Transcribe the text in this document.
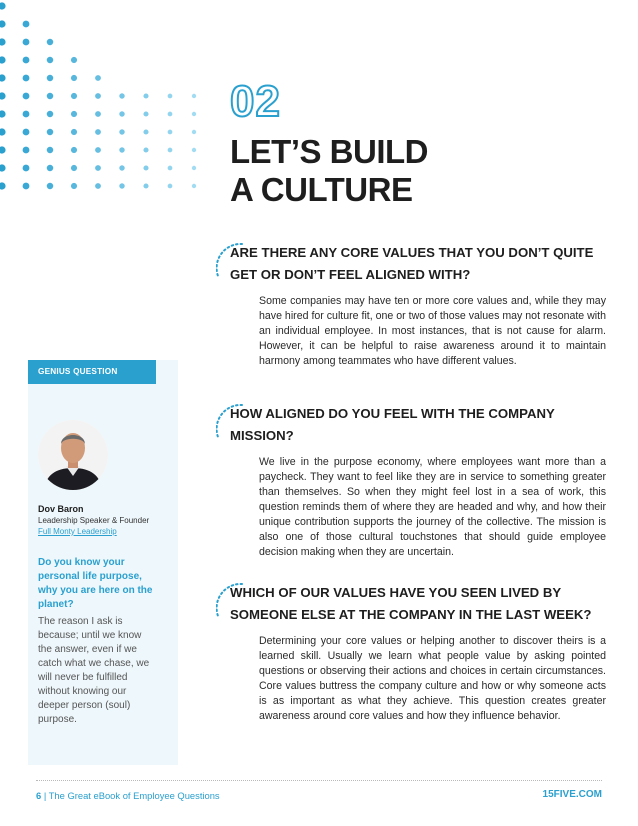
02
LET’S BUILD
A CULTURE
ARE THERE ANY CORE VALUES THAT YOU DON’T QUITE GET OR DON’T FEEL ALIGNED WITH?

Some companies may have ten or more core values and, while they may have hired for culture fit, one or two of those values may not resonate with an individual employee. In most instances, that is not cause for alarm. However, it can be helpful to raise awareness around it to maintain harmony among teammates who have different values.

HOW ALIGNED DO YOU FEEL WITH THE COMPANY MISSION?

We live in the purpose economy, where employees want more than a paycheck. They want to feel like they are in service to something greater than themselves. So when they might feel lost in a sea of work, this question reminds them of where they are headed and why, and how their unique contribution supports the journey of the collective. The mission is also one of those cultural touchstones that should guide employee decision making when they are uncertain.

WHICH OF OUR VALUES HAVE YOU SEEN LIVED BY SOMEONE ELSE AT THE COMPANY IN THE LAST WEEK?

Determining your core values or helping another to discover theirs is a learned skill. Usually we learn what people value by asking pointed questions or observing their actions and choices in certain circumstances. Core values buttress the company culture and how or why someone acts is as important as what they achieve. This question creates greater awareness around core values and how they influence behavior.

GENIUS QUESTION
Dov Baron
Leadership Speaker & Founder
Full Monty Leadership
Do you know your personal life purpose, why you are here on the planet?
The reason I ask is because; until we know the answer, even if we catch what we chase, we will never be fulfilled without knowing our deeper person (soul) purpose.
6 | The Great eBook of Employee Questions	15FIVE.COM
